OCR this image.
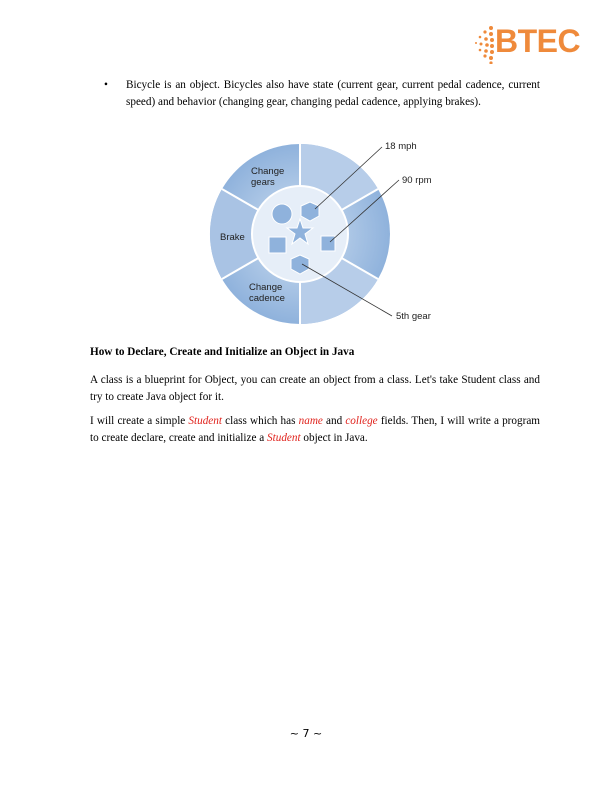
BTEC
• Bicycle is an object. Bicycles also have state (current gear, current pedal cadence, current speed) and behavior (changing gear, changing pedal cadence, applying brakes).
Change gears
Brake
Change cadence
18 mph
90 rpm
5th gear
How to Declare, Create and Initialize an Object in Java

A class is a blueprint for Object, you can create an object from a class. Let's take Student class and try to create Java object for it.

I will create a simple Student class which has name and college fields. Then, I will write a program to create declare, create and initialize a Student object in Java.

~ 7 ~
